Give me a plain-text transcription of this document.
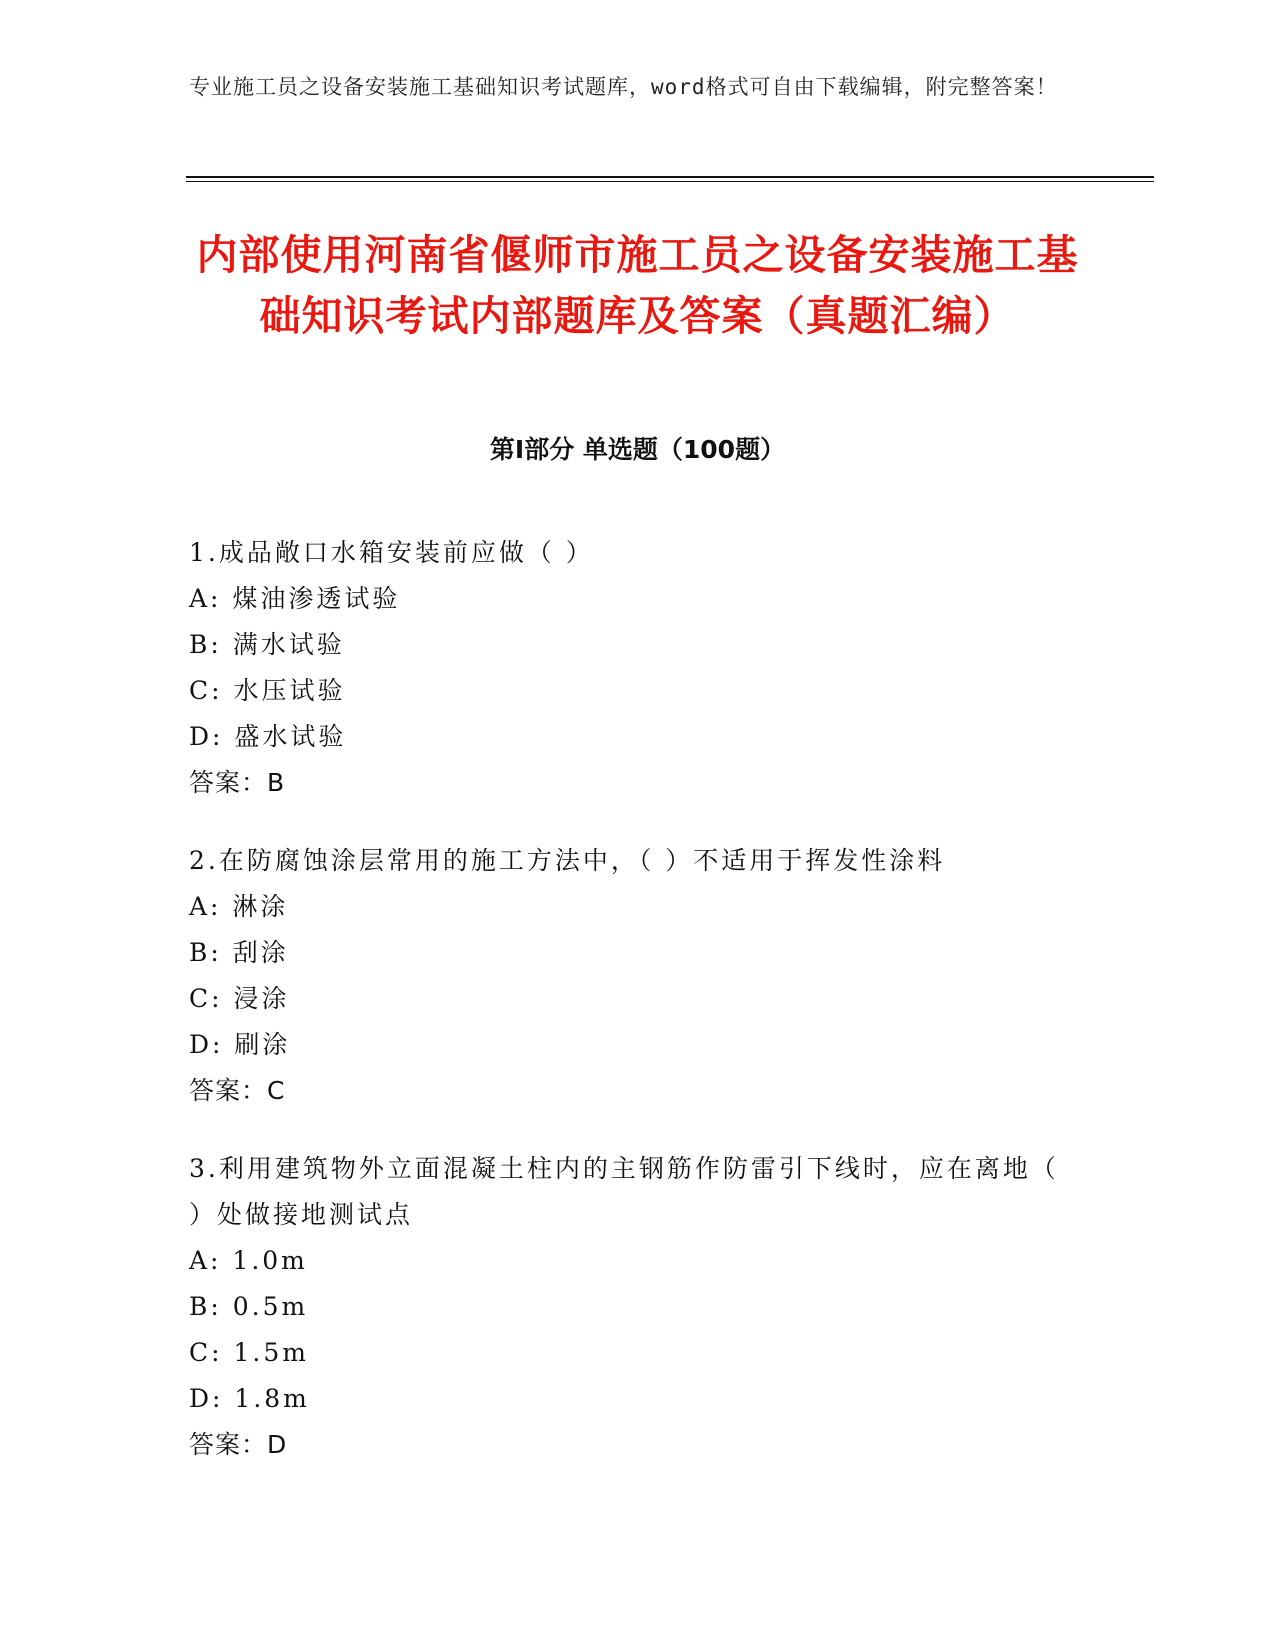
专业施工员之设备安装施工基础知识考试题库，word格式可自由下载编辑，附完整答案！
内部使用河南省偃师市施工员之设备安装施工基础知识考试内部题库及答案（真题汇编）
第Ⅰ部分 单选题（100题）
1.成品敞口水箱安装前应做（ ）
A: 煤油渗透试验
B: 满水试验
C: 水压试验
D: 盛水试验
答案：B
2.在防腐蚀涂层常用的施工方法中，（ ）不适用于挥发性涂料
A: 淋涂
B: 刮涂
C: 浸涂
D: 刷涂
答案：C
3.利用建筑物外立面混凝土柱内的主钢筋作防雷引下线时，应在离地（ ）处做接地测试点
A: 1.0m
B: 0.5m
C: 1.5m
D: 1.8m
答案：D
